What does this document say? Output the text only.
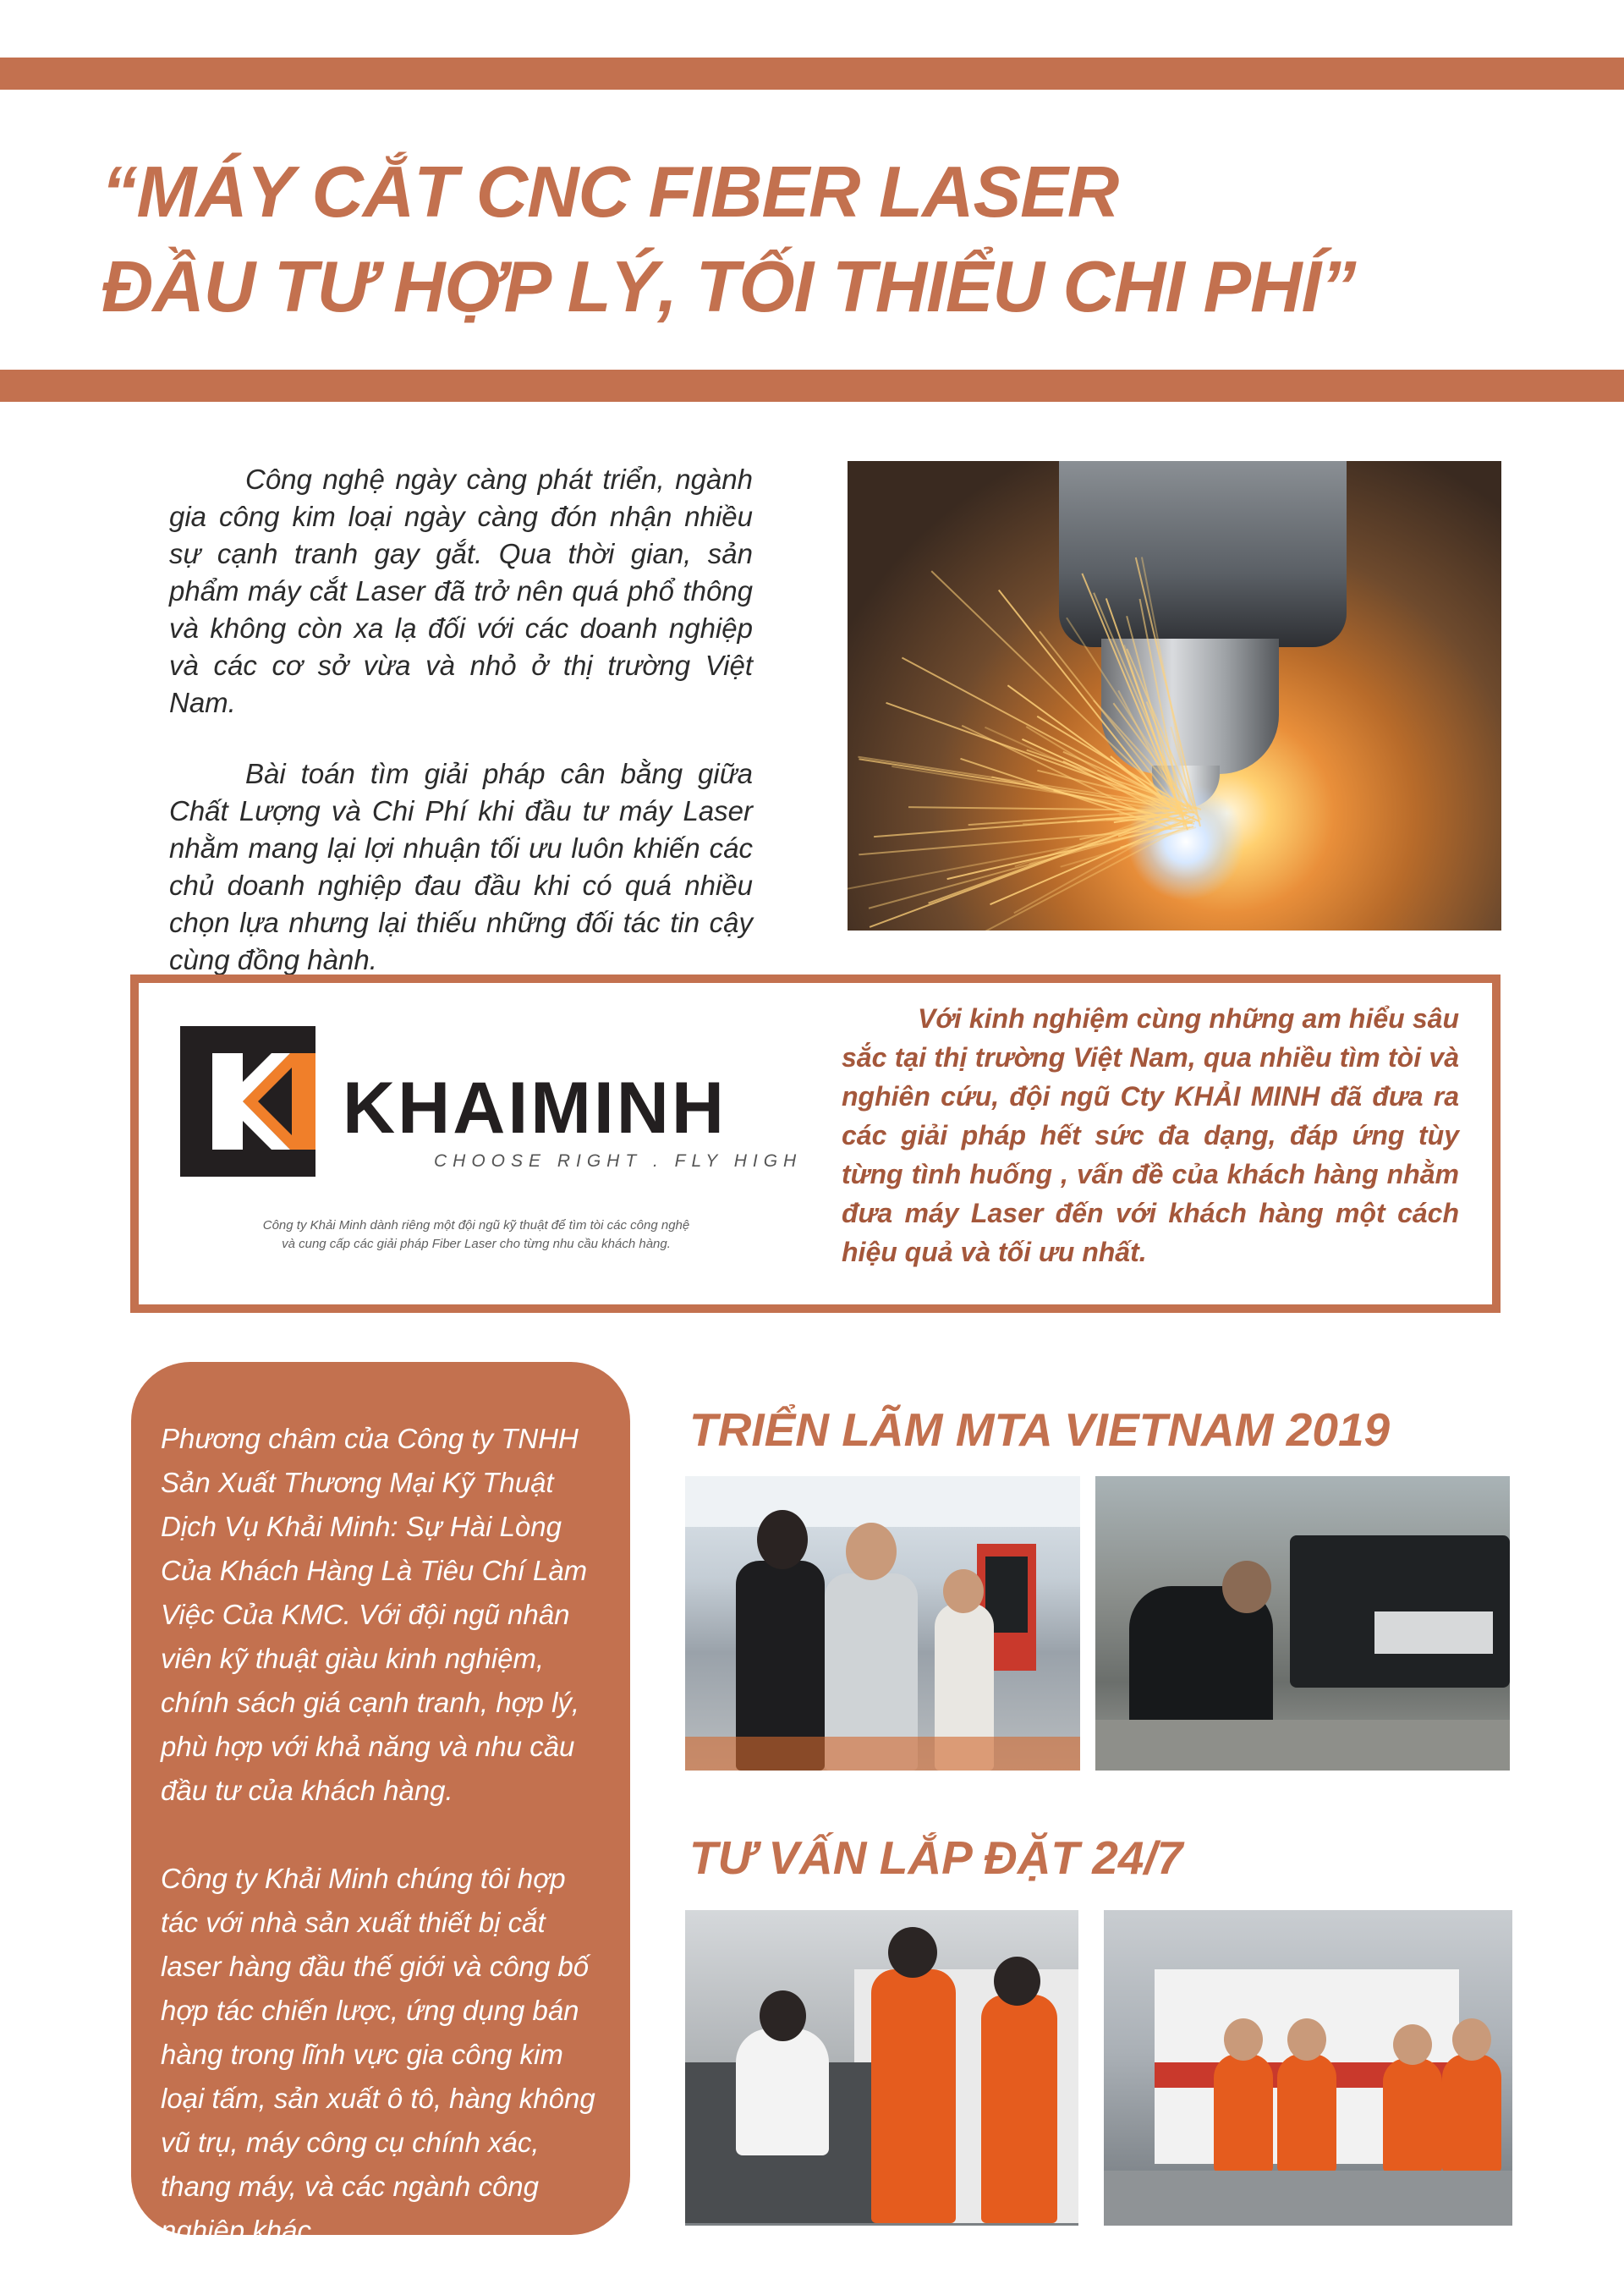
“MÁY CẮT CNC FIBER LASER
ĐẦU TƯ HỢP LÝ, TỐI THIỂU CHI PHÍ”

Công nghệ ngày càng phát triển, ngành gia công kim loại ngày càng đón nhận nhiều sự cạnh tranh gay gắt. Qua thời gian, sản phẩm máy cắt Laser đã trở nên quá phổ thông và không còn xa lạ đối với các doanh nghiệp và các cơ sở vừa và nhỏ ở thị trường Việt Nam.

Bài toán tìm giải pháp cân bằng giữa Chất Lượng và Chi Phí khi đầu tư máy Laser nhằm mang lại lợi nhuận tối ưu luôn khiến các chủ doanh nghiệp đau đầu khi có quá nhiều chọn lựa nhưng lại thiếu những đối tác tin cậy cùng đồng hành.

KHAIMINH
CHOOSE RIGHT . FLY HIGH
Công ty Khải Minh dành riêng một đội ngũ kỹ thuật để tìm tòi các công nghệ
và cung cấp các giải pháp Fiber Laser cho từng nhu cầu khách hàng.
Với kinh nghiệm cùng những am hiểu sâu sắc tại thị trường Việt Nam, qua nhiều tìm tòi và nghiên cứu, đội ngũ Cty KHẢI MINH đã đưa ra các giải pháp hết sức đa dạng, đáp ứng tùy từng tình huống , vấn đề của khách hàng nhằm đưa máy Laser đến với khách hàng một cách hiệu quả và tối ưu nhất.

Phương châm của Công ty TNHH Sản Xuất Thương Mại Kỹ Thuật Dịch Vụ Khải Minh: Sự Hài Lòng Của Khách Hàng Là Tiêu Chí Làm Việc Của KMC. Với đội ngũ nhân viên kỹ thuật giàu kinh nghiệm, chính sách giá cạnh tranh, hợp lý, phù hợp với khả năng và nhu cầu đầu tư của khách hàng.

Công ty Khải Minh chúng tôi hợp tác với nhà sản xuất thiết bị cắt laser hàng đầu thế giới và công bố hợp tác chiến lược, ứng dụng bán hàng trong lĩnh vực gia công kim loại tấm, sản xuất ô tô, hàng không vũ trụ, máy công cụ chính xác, thang máy, và các ngành công nghiệp khác.

TRIỂN LÃM MTA VIETNAM 2019
TƯ VẤN LẮP ĐẶT 24/7
